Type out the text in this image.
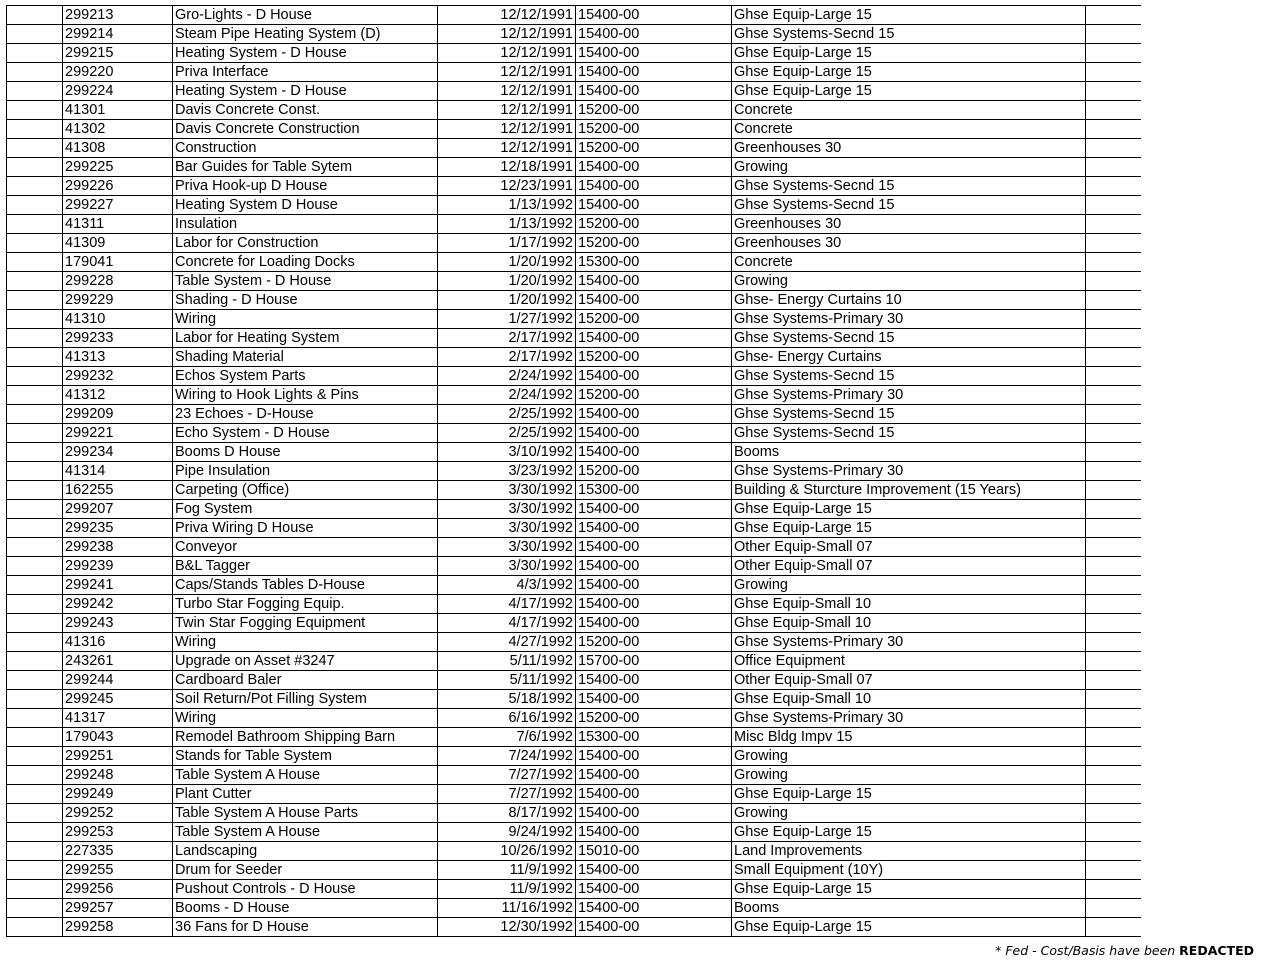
	299213	Gro-Lights - D House	12/12/1991	15400-00	Ghse Equip-Large 15	
	299214	Steam Pipe Heating System (D)	12/12/1991	15400-00	Ghse Systems-Secnd 15	
	299215	Heating System - D House	12/12/1991	15400-00	Ghse Equip-Large 15	
	299220	Priva Interface	12/12/1991	15400-00	Ghse Equip-Large 15	
	299224	Heating System - D House	12/12/1991	15400-00	Ghse Equip-Large 15	
	41301	Davis Concrete Const.	12/12/1991	15200-00	Concrete	
	41302	Davis Concrete Construction	12/12/1991	15200-00	Concrete	
	41308	Construction	12/12/1991	15200-00	Greenhouses 30	
	299225	Bar Guides for Table Sytem	12/18/1991	15400-00	Growing	
	299226	Priva Hook-up D House	12/23/1991	15400-00	Ghse Systems-Secnd 15	
	299227	Heating System D House	1/13/1992	15400-00	Ghse Systems-Secnd 15	
	41311	Insulation	1/13/1992	15200-00	Greenhouses 30	
	41309	Labor for Construction	1/17/1992	15200-00	Greenhouses 30	
	179041	Concrete for Loading Docks	1/20/1992	15300-00	Concrete	
	299228	Table System - D House	1/20/1992	15400-00	Growing	
	299229	Shading - D House	1/20/1992	15400-00	Ghse- Energy Curtains 10	
	41310	Wiring	1/27/1992	15200-00	Ghse Systems-Primary 30	
	299233	Labor for Heating System	2/17/1992	15400-00	Ghse Systems-Secnd 15	
	41313	Shading Material	2/17/1992	15200-00	Ghse- Energy Curtains	
	299232	Echos System Parts	2/24/1992	15400-00	Ghse Systems-Secnd 15	
	41312	Wiring to Hook Lights & Pins	2/24/1992	15200-00	Ghse Systems-Primary 30	
	299209	23 Echoes - D-House	2/25/1992	15400-00	Ghse Systems-Secnd 15	
	299221	Echo System - D House	2/25/1992	15400-00	Ghse Systems-Secnd 15	
	299234	Booms D House	3/10/1992	15400-00	Booms	
	41314	Pipe Insulation	3/23/1992	15200-00	Ghse Systems-Primary 30	
	162255	Carpeting (Office)	3/30/1992	15300-00	Building & Sturcture Improvement (15 Years)	
	299207	Fog System	3/30/1992	15400-00	Ghse Equip-Large 15	
	299235	Priva Wiring D House	3/30/1992	15400-00	Ghse Equip-Large 15	
	299238	Conveyor	3/30/1992	15400-00	Other Equip-Small 07	
	299239	B&L Tagger	3/30/1992	15400-00	Other Equip-Small 07	
	299241	Caps/Stands Tables D-House	4/3/1992	15400-00	Growing	
	299242	Turbo Star Fogging Equip.	4/17/1992	15400-00	Ghse Equip-Small 10	
	299243	Twin Star Fogging Equipment	4/17/1992	15400-00	Ghse Equip-Small 10	
	41316	Wiring	4/27/1992	15200-00	Ghse Systems-Primary 30	
	243261	Upgrade on Asset #3247	5/11/1992	15700-00	Office Equipment	
	299244	Cardboard Baler	5/11/1992	15400-00	Other Equip-Small 07	
	299245	Soil Return/Pot Filling System	5/18/1992	15400-00	Ghse Equip-Small 10	
	41317	Wiring	6/16/1992	15200-00	Ghse Systems-Primary 30	
	179043	Remodel Bathroom Shipping Barn	7/6/1992	15300-00	Misc Bldg Impv 15	
	299251	Stands for Table System	7/24/1992	15400-00	Growing	
	299248	Table System A House	7/27/1992	15400-00	Growing	
	299249	Plant Cutter	7/27/1992	15400-00	Ghse Equip-Large 15	
	299252	Table System A House Parts	8/17/1992	15400-00	Growing	
	299253	Table System A House	9/24/1992	15400-00	Ghse Equip-Large 15	
	227335	Landscaping	10/26/1992	15010-00	Land Improvements	
	299255	Drum for Seeder	11/9/1992	15400-00	Small Equipment (10Y)	
	299256	Pushout Controls - D House	11/9/1992	15400-00	Ghse Equip-Large 15	
	299257	Booms - D House	11/16/1992	15400-00	Booms	
	299258	36 Fans for D House	12/30/1992	15400-00	Ghse Equip-Large 15	
* Fed - Cost/Basis have been REDACTED
